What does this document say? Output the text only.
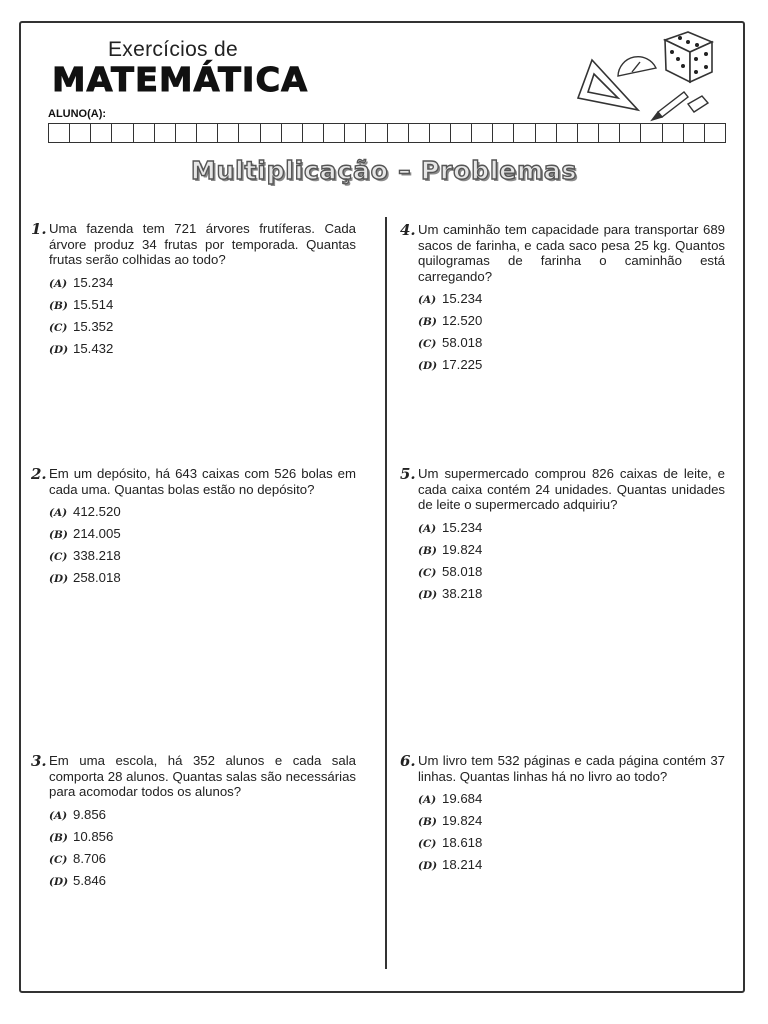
Exercícios de
MATEMÁTICA
ALUNO(A):
Multiplicação – Problemas
1. Uma fazenda tem 721 árvores frutíferas. Cada árvore produz 34 frutas por temporada. Quantas frutas serão colhidas ao todo?

(A) 15.234
(B) 15.514
(C) 15.352
(D) 15.432
2. Em um depósito, há 643 caixas com 526 bolas em cada uma. Quantas bolas estão no depósito?

(A) 412.520
(B) 214.005
(C) 338.218
(D) 258.018
3. Em uma escola, há 352 alunos e cada sala comporta 28 alunos. Quantas salas são necessárias para acomodar todos os alunos?

(A) 9.856
(B) 10.856
(C) 8.706
(D) 5.846
4. Um caminhão tem capacidade para transportar 689 sacos de farinha, e cada saco pesa 25 kg. Quantos quilogramas de farinha o caminhão está carregando?

(A) 15.234
(B) 12.520
(C) 58.018
(D) 17.225
5. Um supermercado comprou 826 caixas de leite, e cada caixa contém 24 unidades. Quantas unidades de leite o supermercado adquiriu?

(A) 15.234
(B) 19.824
(C) 58.018
(D) 38.218
6. Um livro tem 532 páginas e cada página contém 37 linhas. Quantas linhas há no livro ao todo?

(A) 19.684
(B) 19.824
(C) 18.618
(D) 18.214
